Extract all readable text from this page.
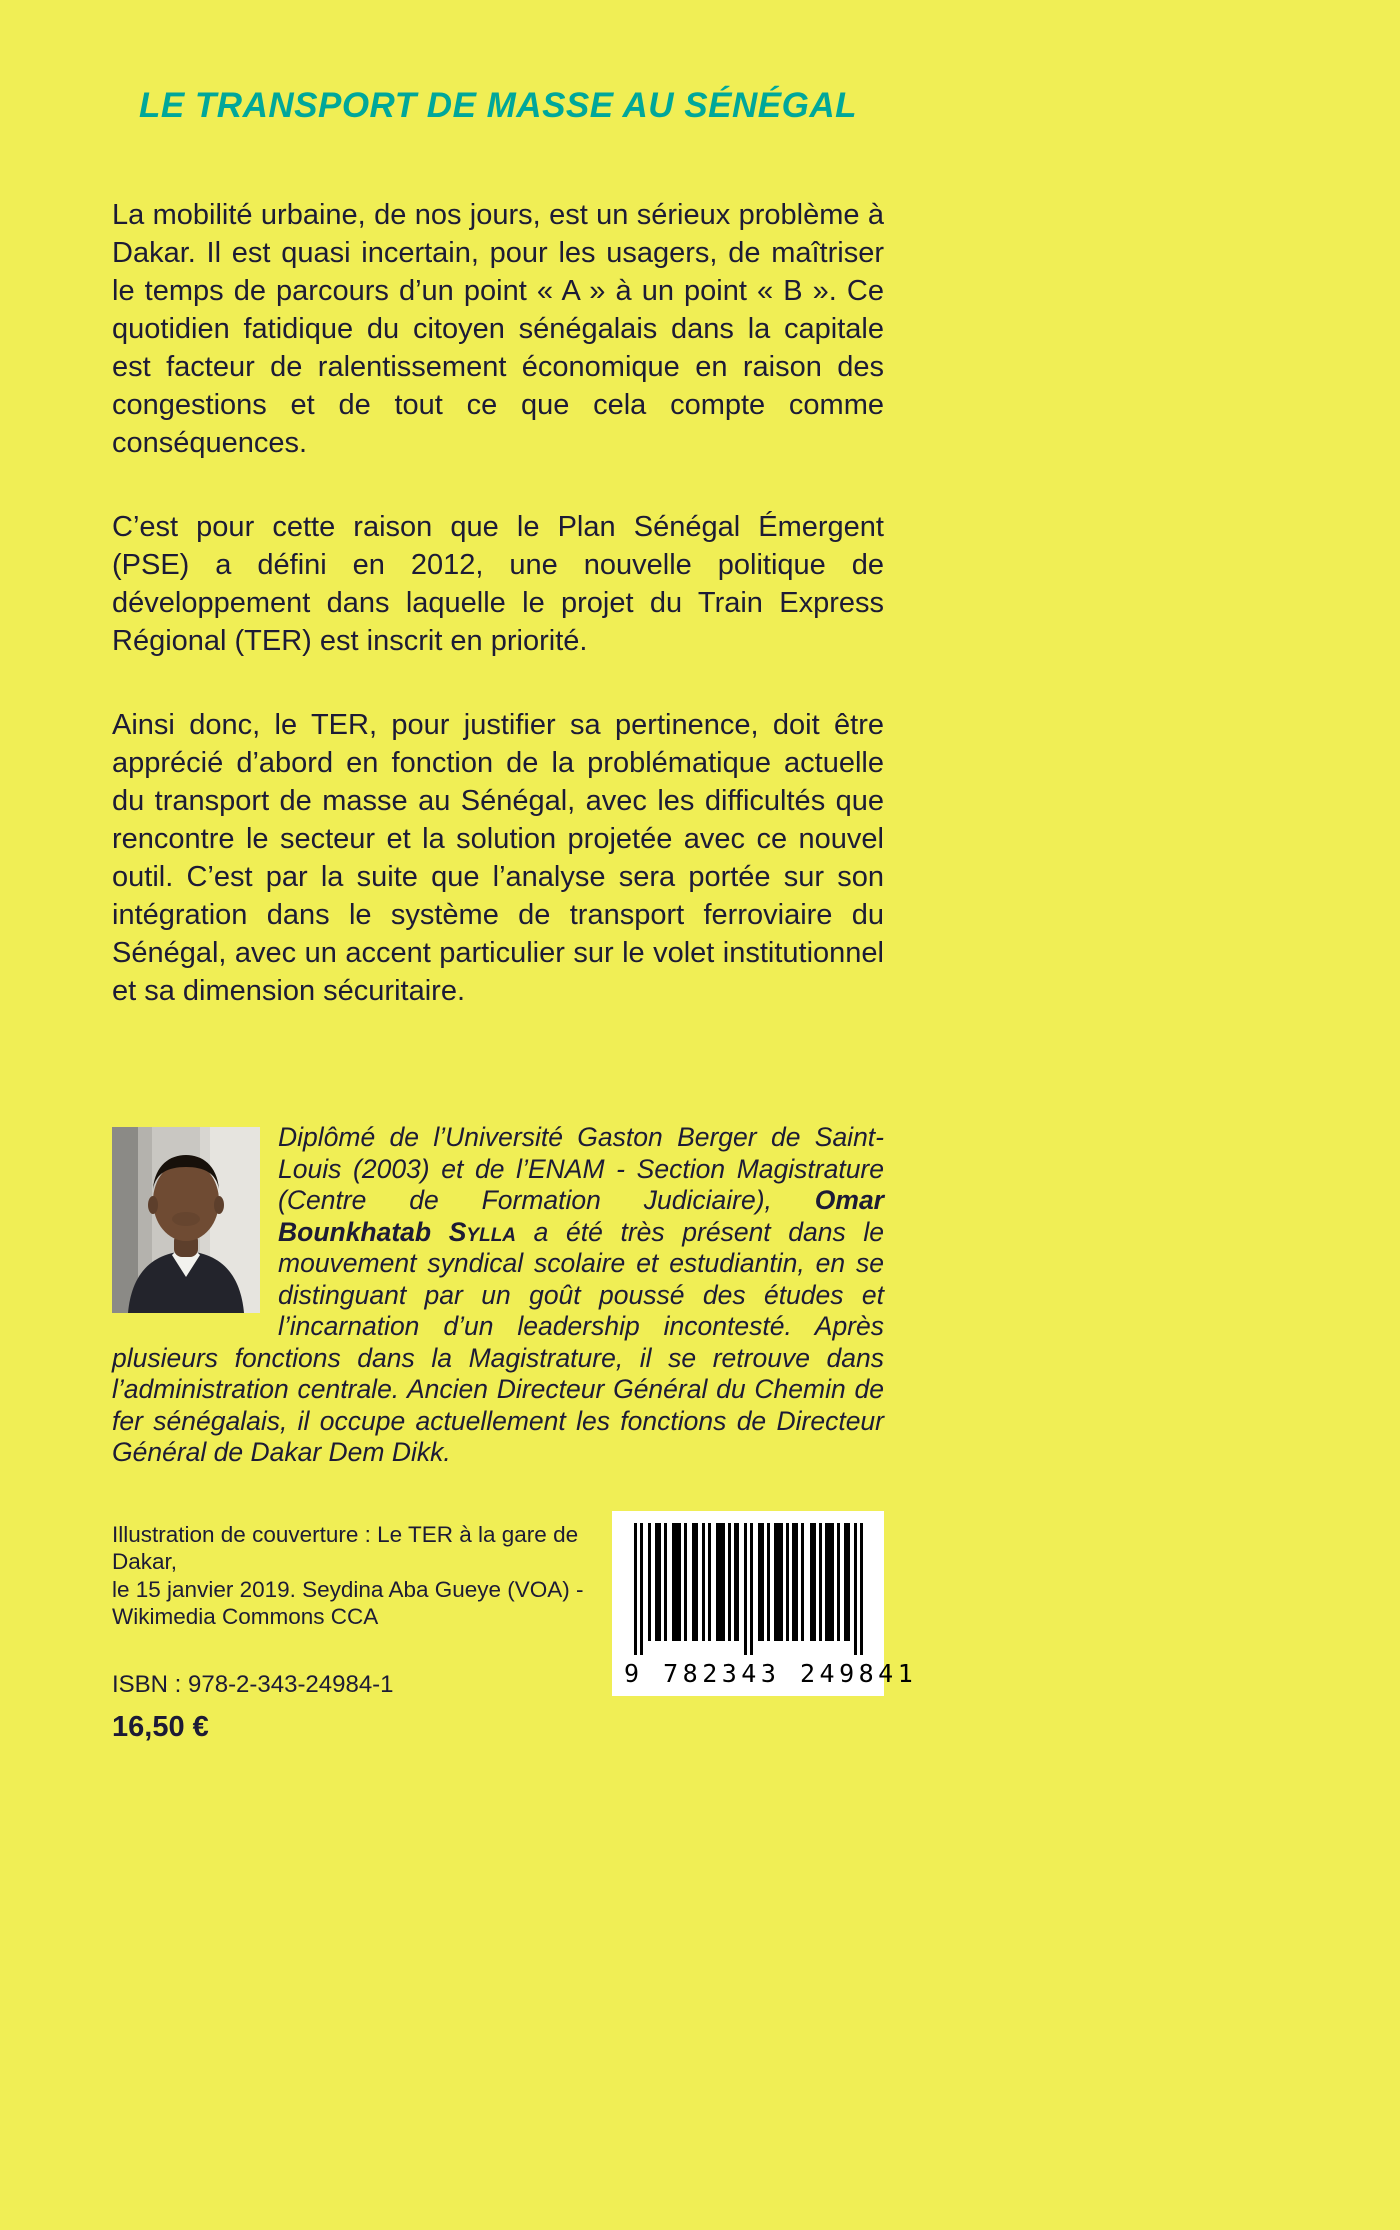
LE TRANSPORT DE MASSE AU SÉNÉGAL

La mobilité urbaine, de nos jours, est un sérieux problème à Dakar. Il est quasi incertain, pour les usagers, de maîtriser le temps de parcours d’un point « A » à un point « B ». Ce quotidien fatidique du citoyen sénégalais dans la capitale est facteur de ralentissement économique en raison des congestions et de tout ce que cela compte comme conséquences.

C’est pour cette raison que le Plan Sénégal Émergent (PSE) a défini en 2012, une nouvelle politique de développement dans laquelle le projet du Train Express Régional (TER) est inscrit en priorité.

Ainsi donc, le TER, pour justifier sa pertinence, doit être apprécié d’abord en fonction de la problématique actuelle du transport de masse au Sénégal, avec les difficultés que rencontre le secteur et la solution projetée avec ce nouvel outil. C’est par la suite que l’analyse sera portée sur son intégration dans le système de transport ferroviaire du Sénégal, avec un accent particulier sur le volet institutionnel et sa dimension sécuritaire.

Diplômé de l’Université Gaston Berger de Saint-Louis (2003) et de l’ENAM - Section Magistrature (Centre de Formation Judiciaire), Omar Bounkhatab Sylla a été très présent dans le mouvement syndical scolaire et estudiantin, en se distinguant par un goût poussé des études et l’incarnation d’un leadership incontesté. Après plusieurs fonctions dans la Magistrature, il se retrouve dans l’administration centrale. Ancien Directeur Général du Chemin de fer sénégalais, il occupe actuellement les fonctions de Directeur Général de Dakar Dem Dikk.
Illustration de couverture : Le TER à la gare de Dakar,
le 15 janvier 2019. Seydina Aba Gueye (VOA) -
Wikimedia Commons CCA
ISBN : 978-2-343-24984-1
16,50 €
9 782343 249841
